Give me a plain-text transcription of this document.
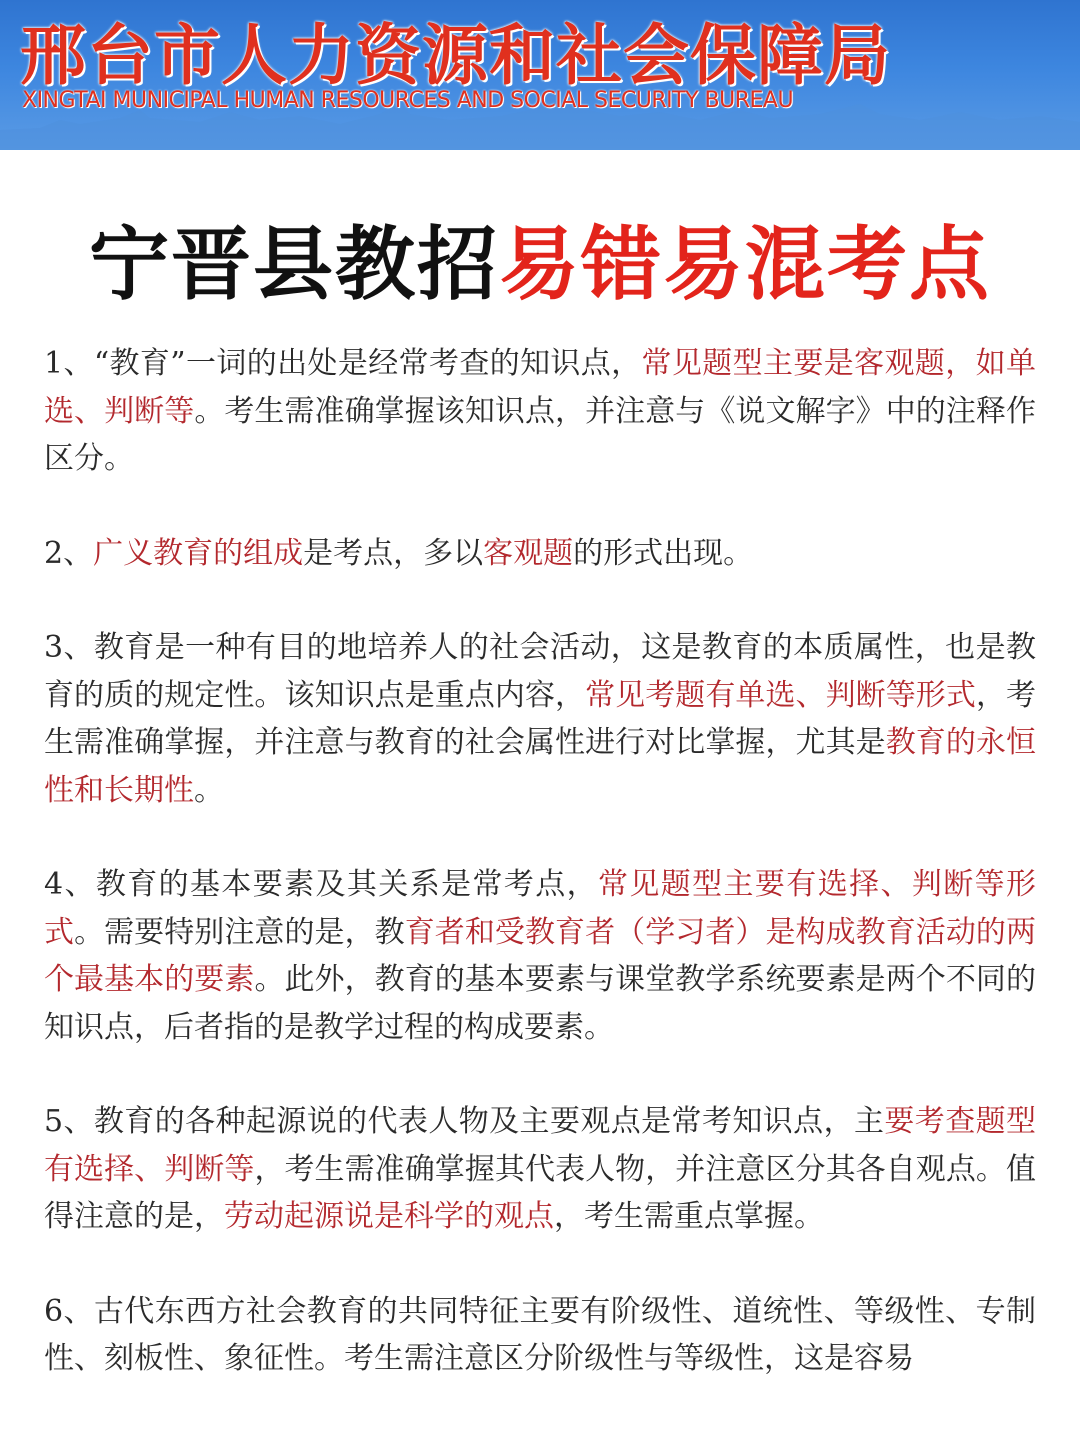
邢台市人力资源和社会保障局
XINGTAI MUNICIPAL HUMAN RESOURCES AND SOCIAL SECURITY BUREAU
宁晋县教招易错易混考点

1、“教育”一词的出处是经常考查的知识点，常见题型主要是客观题，如单选、判断等。考生需准确掌握该知识点，并注意与《说文解字》中的注释作区分。

2、广义教育的组成是考点，多以客观题的形式出现。

3、教育是一种有目的地培养人的社会活动，这是教育的本质属性，也是教育的质的规定性。该知识点是重点内容，常见考题有单选、判断等形式，考生需准确掌握，并注意与教育的社会属性进行对比掌握，尤其是教育的永恒性和长期性。

4、教育的基本要素及其关系是常考点，常见题型主要有选择、判断等形式。需要特别注意的是，教育者和受教育者（学习者）是构成教育活动的两个最基本的要素。此外，教育的基本要素与课堂教学系统要素是两个不同的知识点，后者指的是教学过程的构成要素。

5、教育的各种起源说的代表人物及主要观点是常考知识点，主要考查题型有选择、判断等，考生需准确掌握其代表人物，并注意区分其各自观点。值得注意的是，劳动起源说是科学的观点，考生需重点掌握。

6、古代东西方社会教育的共同特征主要有阶级性、道统性、等级性、专制性、刻板性、象征性。考生需注意区分阶级性与等级性，这是容易
